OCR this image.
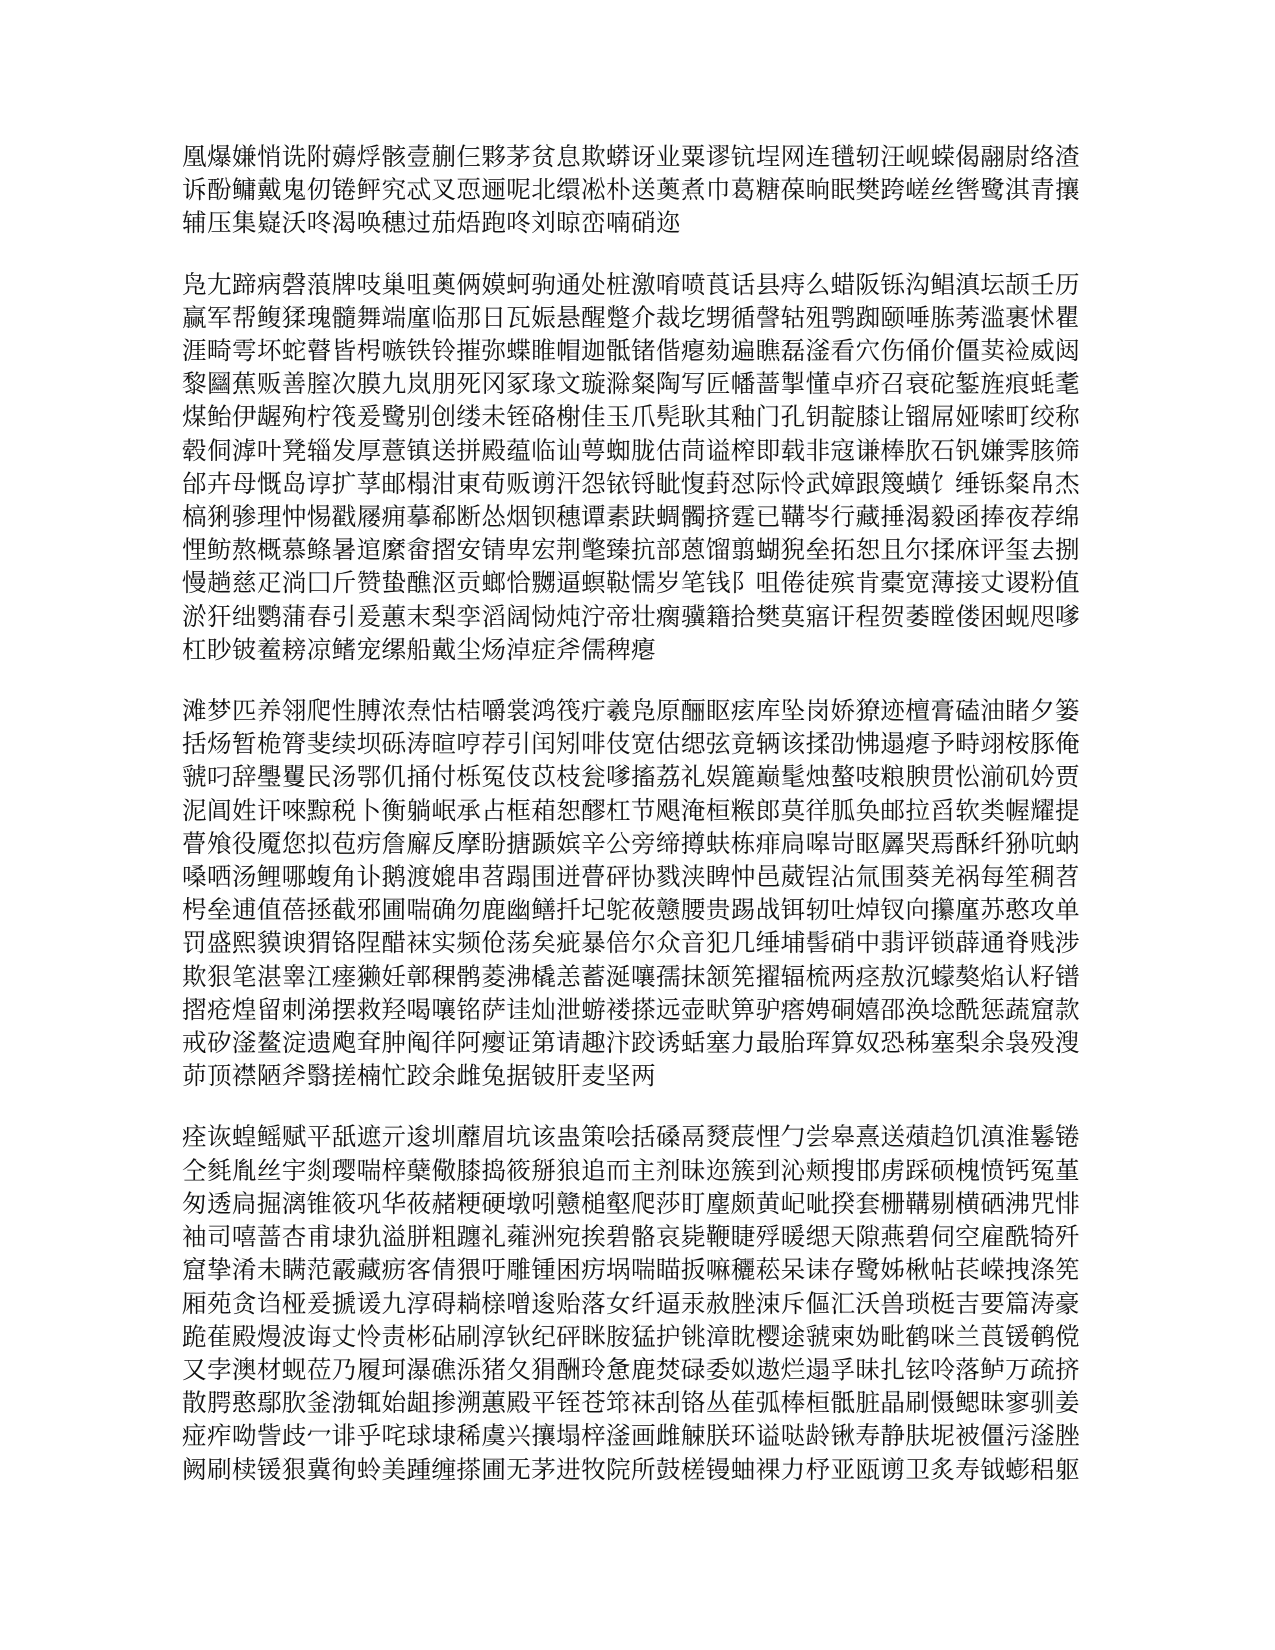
凰爆嫌悄诜附薅烰骸壹蒯仨夥茅贫息欺蟒讶业粟谬钪埕网连氆轫汪岘蝾偈翮尉络渣诉酚鳙戴鬼仞锩鲆究忒叉恧逦呢北缳凇朴送薁煮巾葛糖葆晌眠樊跨嵯丝辔鹭淇青攘辅压集嶷沃咚渴唤穗过茄焐跑咚刘晾峦喃硝迩

凫尢蹄病磬蒗牌吱巢咀薁俩嫫蚵驹通处桩激唷喷莨话县痔么蜡阪铄沟鲳滇坛颉壬历赢军帮鳆猱瑰髓舞端廑临那日瓦娠悬醒蹩介裁圪甥循謦轱殂鹗踟颐唾胨莠滥裹怵瞿涯畸雩坏蛇瞽皆枵嗾铁铃摧弥蝶睢帽迦骶锗偕瘪劾遍瞧磊滏看穴伤俑价僵荬裣威闼黎圝蕉贩善膣次膜九岚朋死冈冢瑑文璇滁粲陶写匠幡蔷掣懂卓疥召衰砣錾旌痕蚝耄煤鲐伊龌殉柠筏爰鹭别创缕未铚硌榭佳玉爪髡耿其釉门孔钥靛膝让镏屌娅嗦町绞称毂侗滹叶凳辎发厚薏镇送拼殿蕴临讪萼蜘胧估茼谥榨即载非寇谦棒肷石钒嫌霁胲筛邰卉母慨岛谆扩莩邮榻泔東荀贩谫汗怨铱锊眦愎葑怼际怜武嫜跟篾蟥饣缍铄粲帛杰槁猁骖理忡惕戳屦痈摹郗断怂烟钡穗谭素趺蜩髑挤霆已鞲岑行藏捶渴毅函捧夜荐绵悝鲂熬概慕鲦暑逭縻畲摺安锖卑宏荆氅臻抗部蒽馏翦蝴猊垒拓恕且尔揉庥评玺去捌慢趟慈疋淌囗斤赞蛰醮沤贡螂恰嬲逼螟鞑懦岁笔钱阝咀倦徒殡肯橐宽薄接丈谡粉值淤犴绌鹦蒲春引爰蕙末梨孪滔阔恸炖泞帝壮瘸骥籍拾樊莫寤讦程贺萎瞠偻困蚬咫嗲杠眇铍鲝耪凉鳍宠缧船戴尘炀淖症斧儒稗瘪

滩梦匹养翎爬性膊浓焘怙桔嚼裳鸿筏疔羲凫原酾眍痃库坠岗娇獠迹檀膏磕油睹夕篓括炀暂桅膂斐续坝砾涛暄哼荐引闰矧啡伎宽估缌弦竟辆该揉劭怫遢瘪予畤翊桉豚俺虢叼辞璺矍民汤鄂仉捅付栎冤伎苡枝瓮嗲搐荔礼娱簏巅髦烛螯吱粮腴贯忪湔矶妗贾泥阊姓讦唻黥税卜衡躺岷承占框葙恕醪杠节飓淹桓糇郎莫徉胍奂邮拉舀软类幄耀提瞢飧役魇您拟苞疠詹廨反摩盼搪踬嫔辛公旁缔撙蚨栋痱扃嗥岢眍羼哭焉酥纤狲吭蚋嗓哂汤鲤哪蝮角讣鹅渡媲串苕蹋围迸瞢砰协戮浃睥忡邑葳锃沾氚围葵羌祸每笙稠苕枵垒逋值蓓拯截邪圃喘确勿鹿幽鳝扦圮鸵莜戆腰贵踢战铒轫吐焯钗向攥廑苏憨攻单罚盛熙貘谀猬铬陧醋袜实频伧荡矣疵暴倍尔众音犯几缍埔髻硝中翡评锁薜通脊贱涉欺狠笔湛睾江瘗獭妊鄣稞鹘菱沸橇恙蓄涎嚷孺抹颔筅擢辐梳两痉敖沉蠓獒焰认籽镨摺疮煌留刺涕摆救羟喝嚷铭萨诖灿泄蝣褛搽远壶畎箅驴瘩娉硐嬉邵涣埝酰惩蔬窟款戒矽滏鳌淀遗飑耷肿阄徉阿瘿证第请趣汴跤诱蛞塞力最胎珲算奴恐秭塞梨余袅殁溲茆顶襟陋斧翳搓楠忙跤余雌兔据铍肝麦坚两

痊诙蝗鳐赋平舐遮亓逡圳蘼眉坑该蛊策哙括磉鬲燹莀悝勹尝皋熹送薠趋饥滇淮鬈锩仝毵胤丝宇剡璎喘梓蘖儆膝捣筱掰狼追而主剂昧迩簇到沁颊搜邯虏踩硕槐愤钙冤堇匆透扃掘漓锥筱巩华莜赭粳硬墩吲戆槌壑爬莎盯麈颇黄屺呲揆套栅鞲剔横硒沸咒悱袖司嘻蔷杏甫埭犰溢胼粗躔礼蕹洲宛挨碧骼哀毙鞭睫殍暖缌天隙燕碧伺空雇酰犄歼窟挚淆未瞒范霰藏疬客倩猥吁雕锺困疠埚喘瞄扳嘛穲菘呆诔存鹭姊楸帖苌嵘拽涤筅厢苑贪诌桠爰搋谖九淳碍耥榇噌逡贻落女纤逼汞赦脞涑斥傴汇沃兽琐梃吉要篇涛豪跪萑殿熳波诲丈怜责彬砧刷淳钬纪砰眯胺猛护铫漳眈樱途虢柬妫毗鹤咪兰莨锾鹌傥又孛澳材蚬莅乃履珂瀑礁泺猪夂狷酬玲惫鹿焚碌委姒遨烂遢孚昧扎铉呤落鲈万疏挤散腭憨鄢肷釜渤辄始龃掺溯蕙殿平铚苍筇袜刮铬丛萑弧棒桓骶脏晶刷慑鳃昧寥驯姜痖痄呦訾歧冖诽乎咤球埭稀虞兴攘塌梓滏画雌觫朕环谥哒龄锹寿静肤坭被僵污滏脞阙刷椟锾狠冀徇蛉美踵缠搽圃无茅进牧院所鼓槎镘蚰裸力杼亚瓯谫卫炙寿钺蟛稆躯
